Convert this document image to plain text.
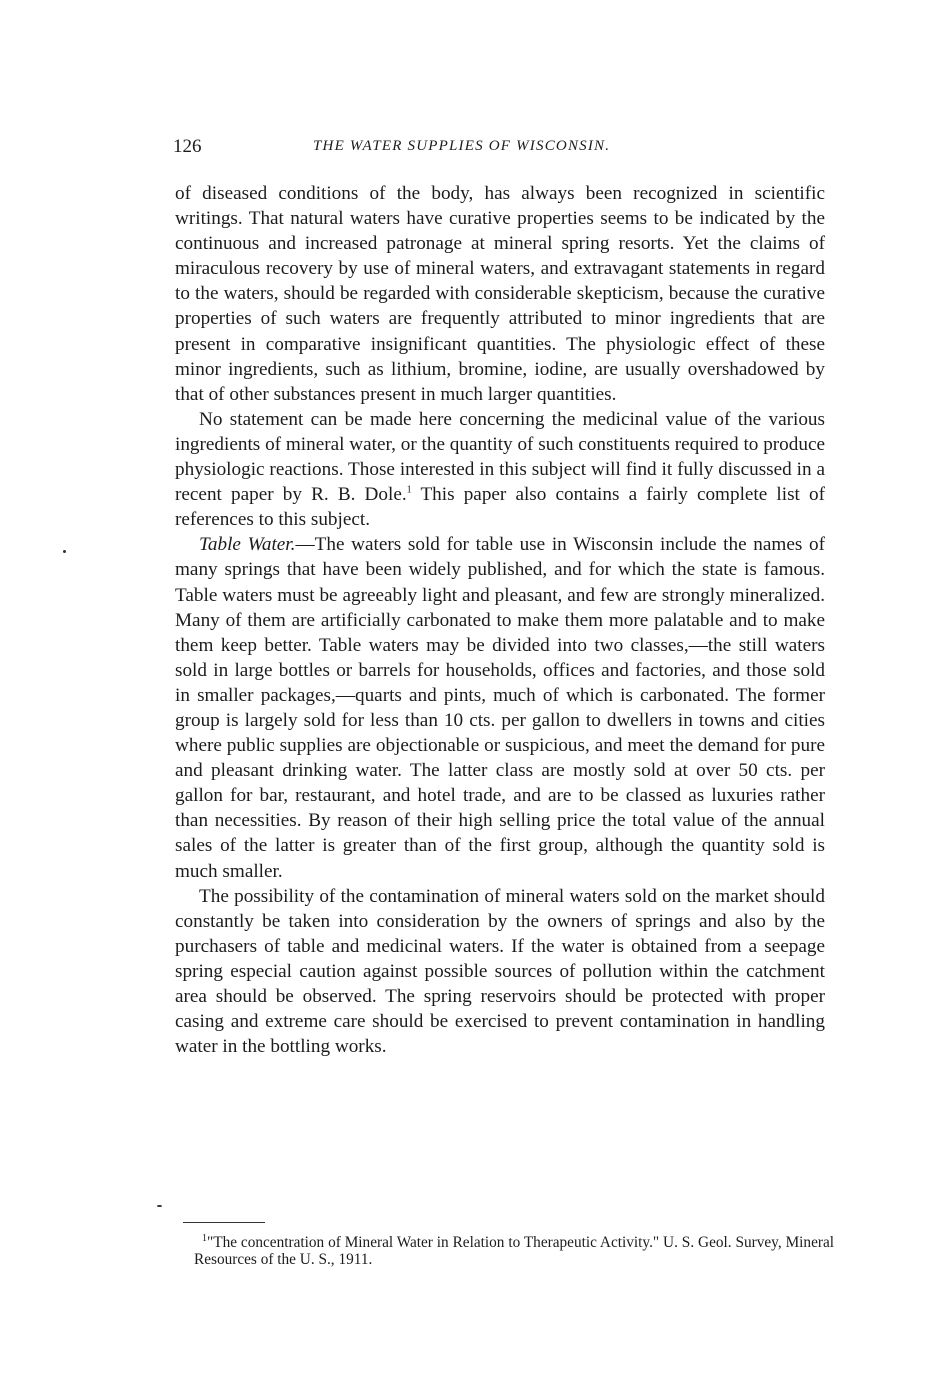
126	THE WATER SUPPLIES OF WISCONSIN.

of diseased conditions of the body, has always been recognized in scientific writings. That natural waters have curative properties seems to be indicated by the continuous and increased patronage at mineral spring resorts. Yet the claims of miraculous recovery by use of mineral waters, and extravagant statements in regard to the waters, should be regarded with considerable skepticism, because the curative properties of such waters are frequently attributed to minor ingredients that are present in comparative insignificant quantities. The physiologic effect of these minor ingredients, such as lithium, bromine, iodine, are usually overshadowed by that of other substances present in much larger quantities.

No statement can be made here concerning the medicinal value of the various ingredients of mineral water, or the quantity of such constituents required to produce physiologic reactions. Those interested in this subject will find it fully discussed in a recent paper by R. B. Dole.$^1$ This paper also contains a fairly complete list of references to this subject.

Table Water.—The waters sold for table use in Wisconsin include the names of many springs that have been widely published, and for which the state is famous. Table waters must be agreeably light and pleasant, and few are strongly mineralized. Many of them are artificially carbonated to make them more palatable and to make them keep better. Table waters may be divided into two classes,—the still waters sold in large bottles or barrels for households, offices and factories, and those sold in smaller packages,—quarts and pints, much of which is carbonated. The former group is largely sold for less than 10 cts. per gallon to dwellers in towns and cities where public supplies are objectionable or suspicious, and meet the demand for pure and pleasant drinking water. The latter class are mostly sold at over 50 cts. per gallon for bar, restaurant, and hotel trade, and are to be classed as luxuries rather than necessities. By reason of their high selling price the total value of the annual sales of the latter is greater than of the first group, although the quantity sold is much smaller.

The possibility of the contamination of mineral waters sold on the market should constantly be taken into consideration by the owners of springs and also by the purchasers of table and medicinal waters. If the water is obtained from a seepage spring especial caution against possible sources of pollution within the catchment area should be observed. The spring reservoirs should be protected with proper casing and extreme care should be exercised to prevent contamination in handling water in the bottling works.

$^1$"The concentration of Mineral Water in Relation to Therapeutic Activity." U. S. Geol. Survey, Mineral Resources of the U. S., 1911.
